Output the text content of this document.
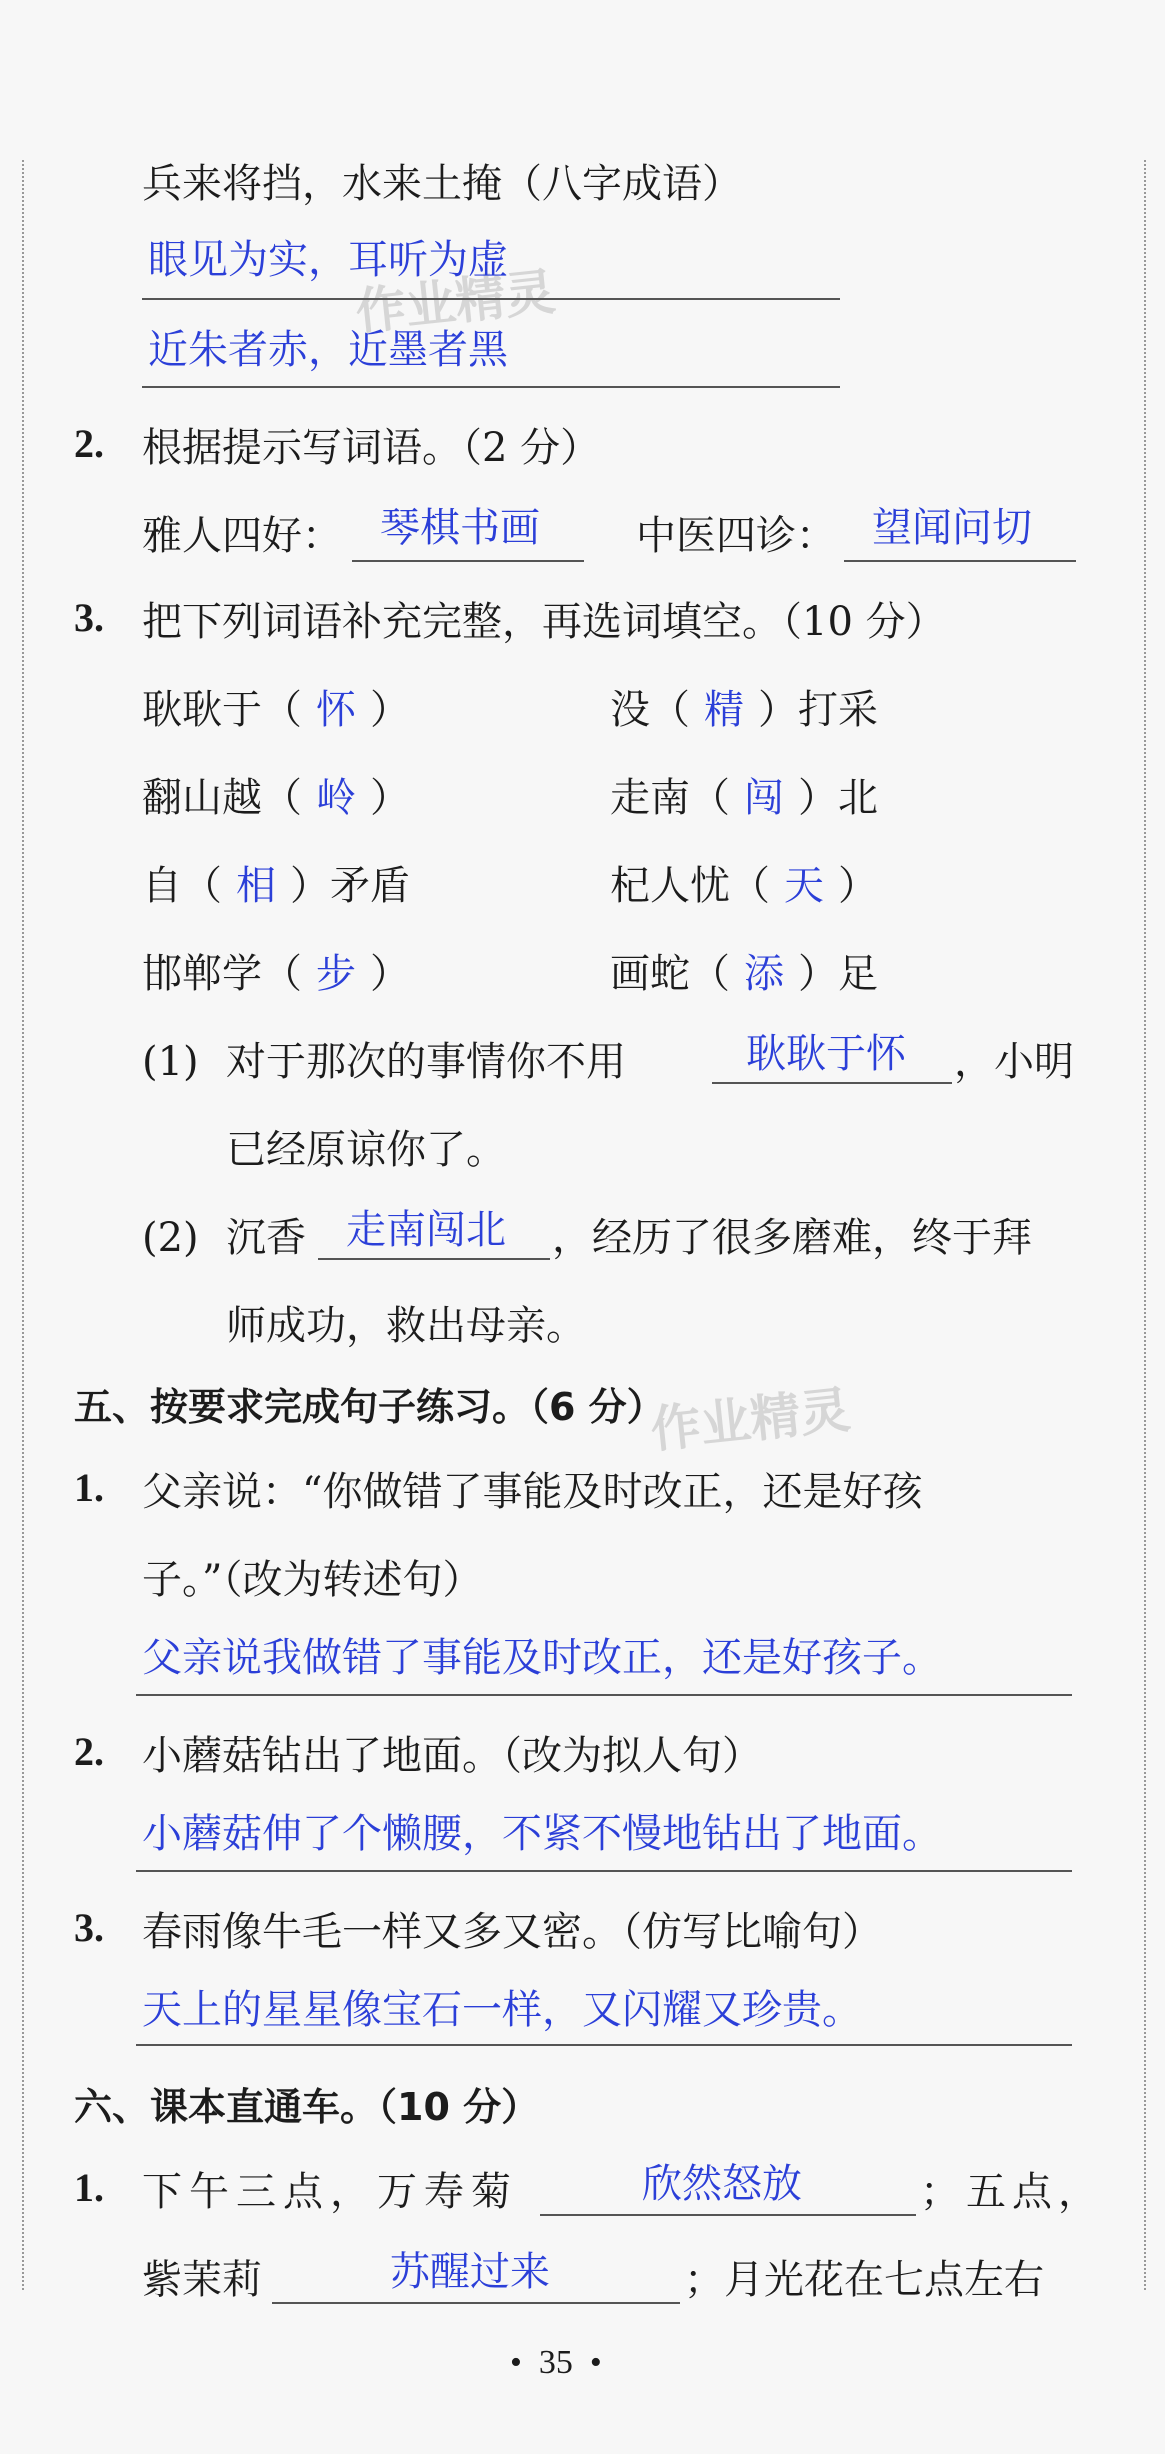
作业精灵
作业精灵
兵来将挡，水来土掩（八字成语）
眼见为实，耳听为虚
近朱者赤，近墨者黑
2. 根据提示写词语。（2 分）
雅人四好： 琴棋书画 中医四诊： 望闻问切
3. 把下列词语补充完整，再选词填空。（10 分）
耿耿于（ 怀 ）	没（ 精 ）打采
翻山越（ 岭 ）	走南（ 闯 ）北
自（ 相 ）矛盾	杞人忧（ 天 ）
邯郸学（ 步 ）	画蛇（ 添 ）足
(1) 对于那次的事情你不用	耿耿于怀 ，小明
已经原谅你了。
(2) 沉香 走南闯北 ，经历了很多磨难，终于拜
师成功，救出母亲。
五、按要求完成句子练习。（6 分）
1. 父亲说：“你做错了事能及时改正，还是好孩
子。”（改为转述句）
父亲说我做错了事能及时改正，还是好孩子。
2. 小蘑菇钻出了地面。（改为拟人句）
小蘑菇伸了个懒腰，不紧不慢地钻出了地面。
3. 春雨像牛毛一样又多又密。（仿写比喻句）
天上的星星像宝石一样，又闪耀又珍贵。
六、课本直通车。（10 分）
1. 下午三点，万寿菊	欣然怒放	；五点，
紫茉莉	苏醒过来	；月光花在七点左右
•  35  •
